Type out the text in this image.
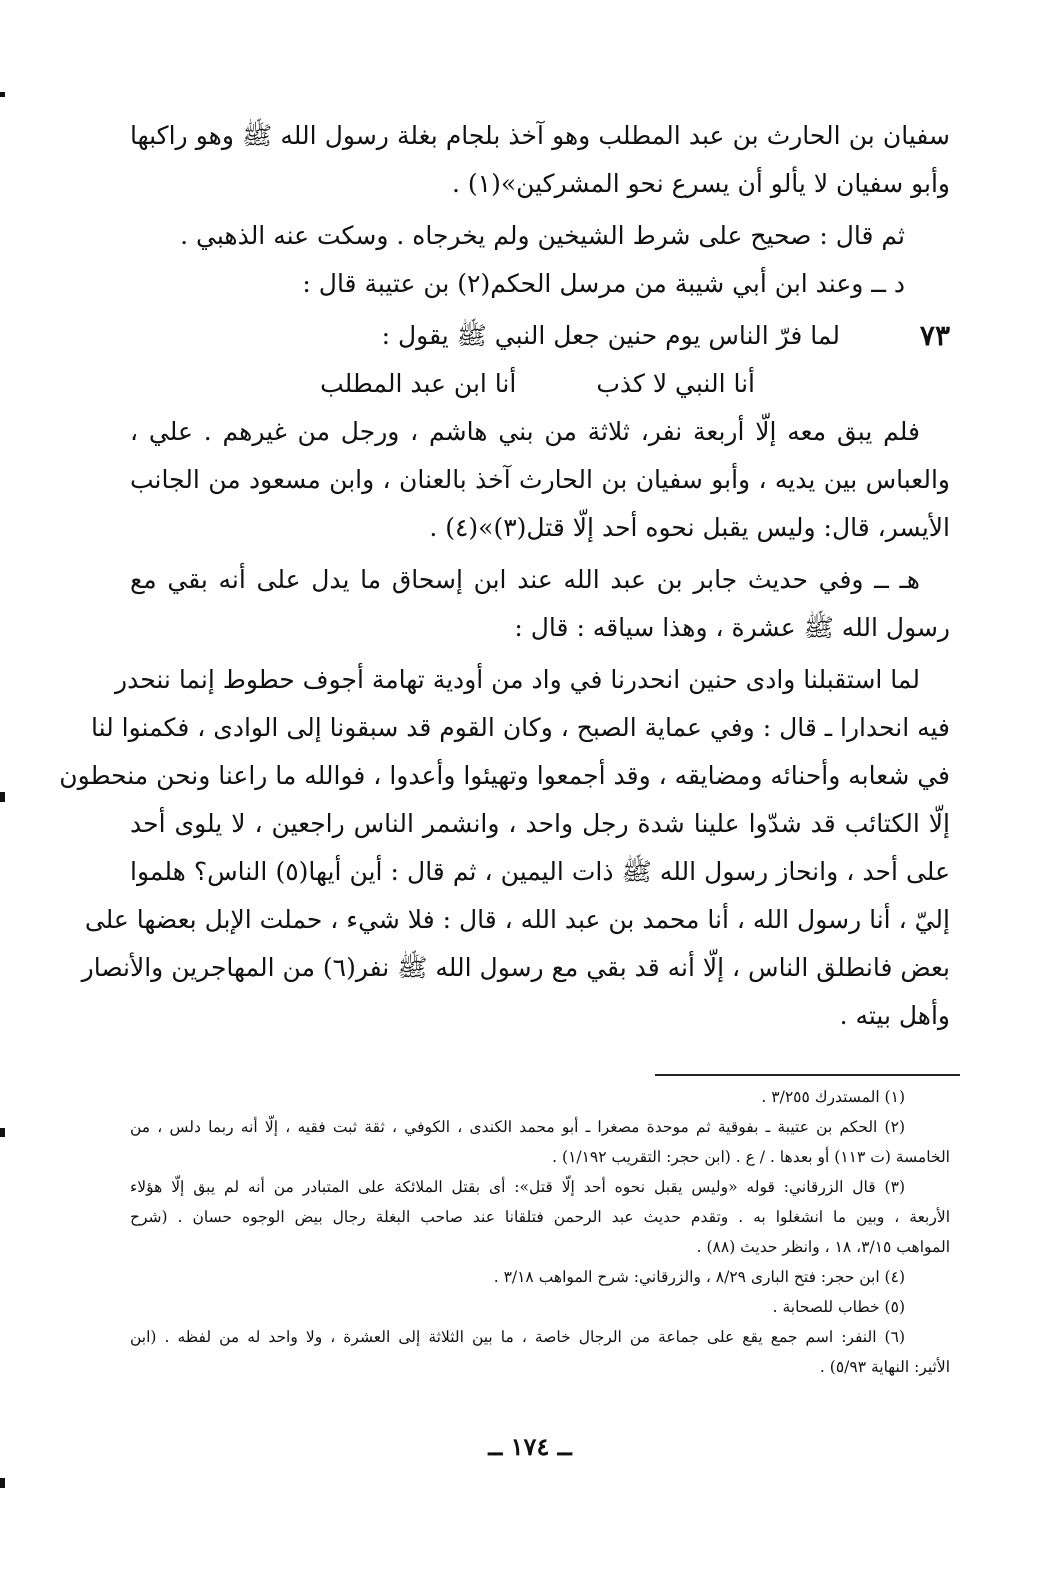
سفيان بن الحارث بن عبد المطلب وهو آخذ بلجام بغلة رسول الله ﷺ وهو راكبها
وأبو سفيان لا يألو أن يسرع نحو المشركين»(١) .
ثم قال : صحيح على شرط الشيخين ولم يخرجاه . وسكت عنه الذهبي .
د ــ وعند ابن أبي شيبة من مرسل الحكم(٢) بن عتيبة قال :
٧٣
لما فرّ الناس يوم حنين جعل النبي ﷺ يقول :
أنا النبي لا كذب
أنا ابن عبد المطلب
فلم يبق معه إلّا أربعة نفر، ثلاثة من بني هاشم ، ورجل من غيرهم . علي ،
والعباس بين يديه ، وأبو سفيان بن الحارث آخذ بالعنان ، وابن مسعود من الجانب
الأيسر، قال: وليس يقبل نحوه أحد إلّا قتل(٣)»(٤) .
هـ ــ وفي حديث جابر بن عبد الله عند ابن إسحاق ما يدل على أنه بقي مع
رسول الله ﷺ عشرة ، وهذا سياقه : قال :
لما استقبلنا وادى حنين انحدرنا في واد من أودية تهامة أجوف حطوط إنما ننحدر
فيه انحدارا ـ قال : وفي عماية الصبح ، وكان القوم قد سبقونا إلى الوادى ، فكمنوا لنا
في شعابه وأحنائه ومضايقه ، وقد أجمعوا وتهيئوا وأعدوا ، فوالله ما راعنا ونحن منحطون
إلّا الكتائب قد شدّوا علينا شدة رجل واحد ، وانشمر الناس راجعين ، لا يلوى أحد
على أحد ، وانحاز رسول الله ﷺ ذات اليمين ، ثم قال : أين أيها(٥) الناس؟ هلموا
إليّ ، أنا رسول الله ، أنا محمد بن عبد الله ، قال : فلا شيء ، حملت الإبل بعضها على
بعض فانطلق الناس ، إلّا أنه قد بقي مع رسول الله ﷺ نفر(٦) من المهاجرين والأنصار
وأهل بيته .
(١) المستدرك ٣/٢٥٥ .
(٢) الحكم بن عتيبة ـ بفوقية ثم موحدة مصغرا ـ أبو محمد الكندى ، الكوفي ، ثقة ثبت فقيه ، إلّا أنه ربما دلس ، من
الخامسة (ت ١١٣) أو بعدها . / ع . (ابن حجر: التقريب ١/١٩٢) .
(٣) قال الزرقاني: قوله «وليس يقبل نحوه أحد إلّا قتل»: أى بقتل الملائكة على المتبادر من أنه لم يبق إلّا هؤلاء
الأربعة ، وبين ما انشغلوا به . وتقدم حديث عبد الرحمن فتلقانا عند صاحب البغلة رجال بيض الوجوه حسان . (شرح
المواهب ٣/١٥، ١٨ ، وانظر حديث (٨٨) .
(٤) ابن حجر: فتح البارى ٨/٢٩ ، والزرقاني: شرح المواهب ٣/١٨ .
(٥) خطاب للصحابة .
(٦) النفر: اسم جمع يقع على جماعة من الرجال خاصة ، ما بين الثلاثة إلى العشرة ، ولا واحد له من لفظه . (ابن
الأثير: النهاية ٥/٩٣) .
ــ ١٧٤ ــ
